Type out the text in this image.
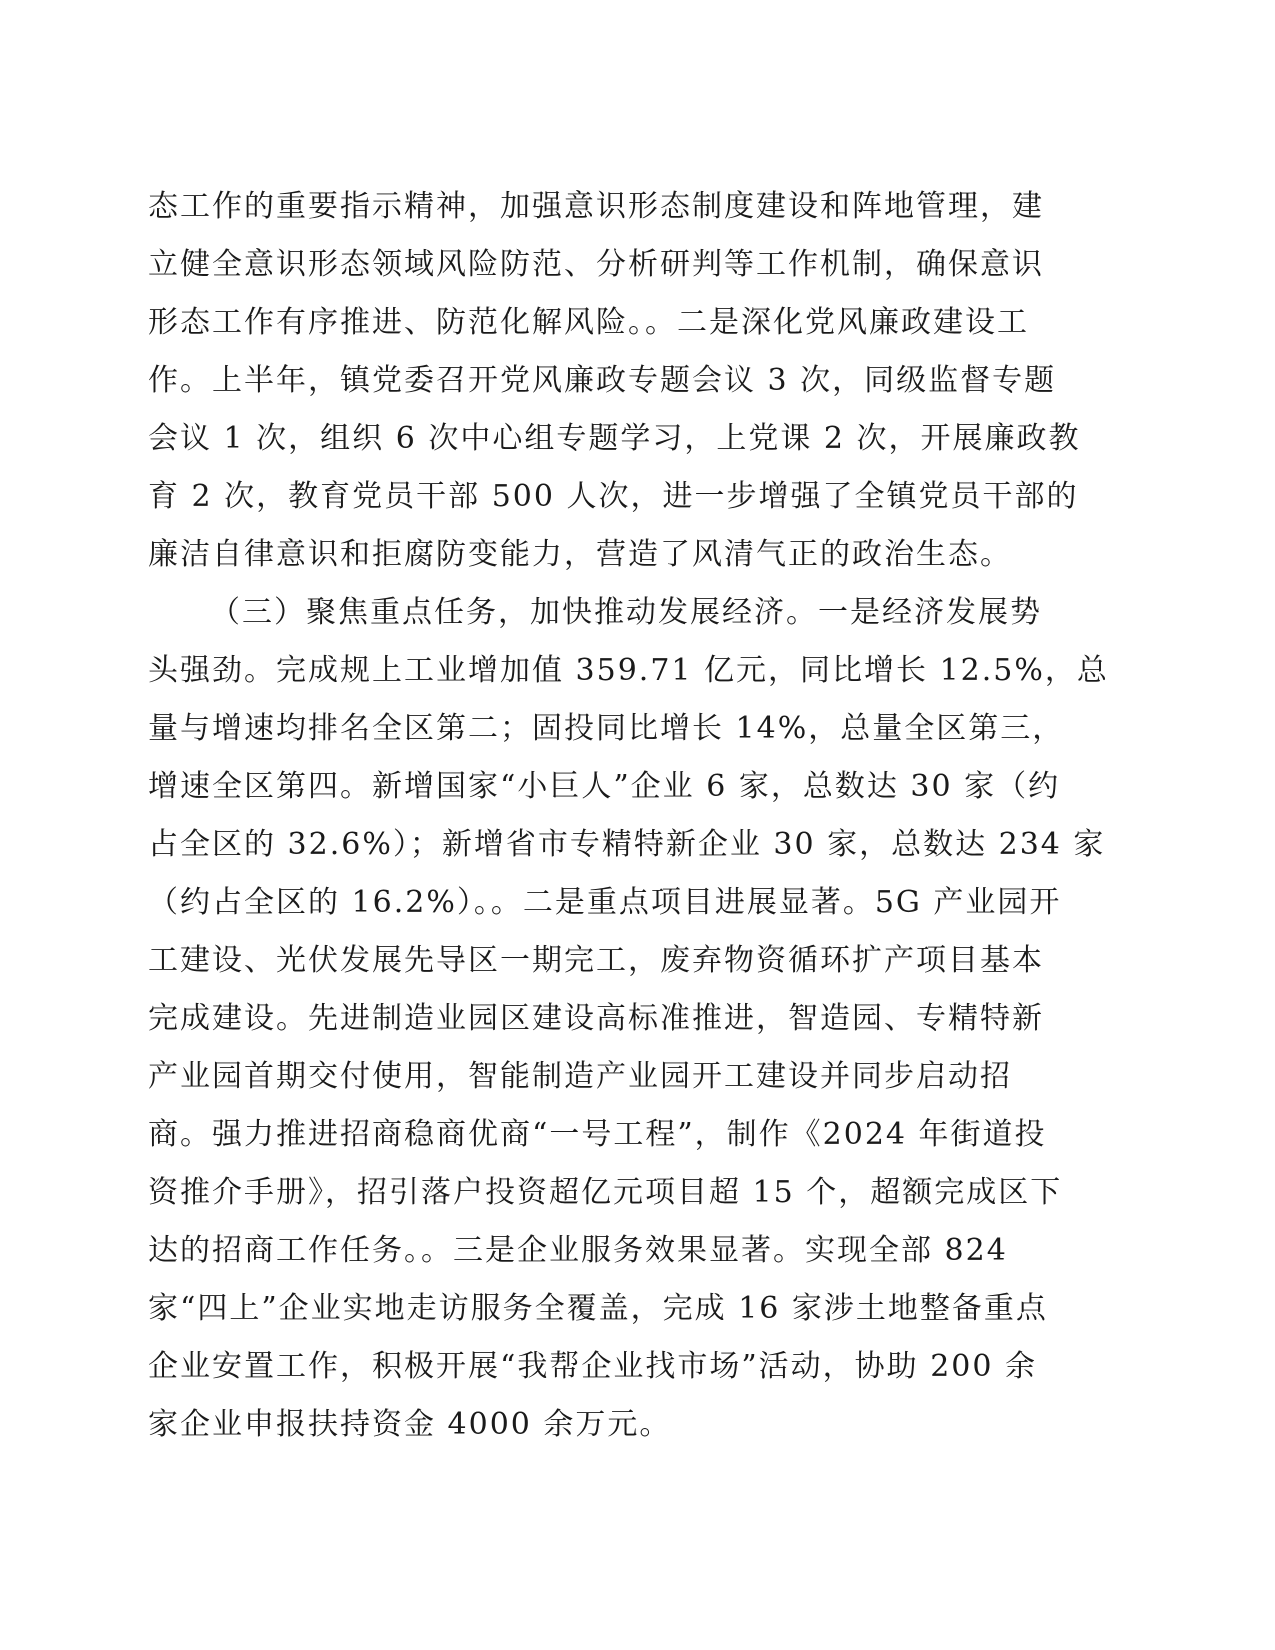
态工作的重要指示精神，加强意识形态制度建设和阵地管理，建
立健全意识形态领域风险防范、分析研判等工作机制，确保意识
形态工作有序推进、防范化解风险。。二是深化党风廉政建设工
作。上半年，镇党委召开党风廉政专题会议 3 次，同级监督专题
会议 1 次，组织 6 次中心组专题学习，上党课 2 次，开展廉政教
育 2 次，教育党员干部 500 人次，进一步增强了全镇党员干部的
廉洁自律意识和拒腐防变能力，营造了风清气正的政治生态。
（三）聚焦重点任务，加快推动发展经济。一是经济发展势
头强劲。完成规上工业增加值 359.71 亿元，同比增长 12.5%，总
量与增速均排名全区第二；固投同比增长 14%，总量全区第三，
增速全区第四。新增国家“小巨人”企业 6 家，总数达 30 家（约
占全区的 32.6%）；新增省市专精特新企业 30 家，总数达 234 家
（约占全区的 16.2%）。。二是重点项目进展显著。5G 产业园开
工建设、光伏发展先导区一期完工，废弃物资循环扩产项目基本
完成建设。先进制造业园区建设高标准推进，智造园、专精特新
产业园首期交付使用，智能制造产业园开工建设并同步启动招
商。强力推进招商稳商优商“一号工程”，制作《2024 年街道投
资推介手册》，招引落户投资超亿元项目超 15 个，超额完成区下
达的招商工作任务。。三是企业服务效果显著。实现全部 824
家“四上”企业实地走访服务全覆盖，完成 16 家涉土地整备重点
企业安置工作，积极开展“我帮企业找市场”活动，协助 200 余
家企业申报扶持资金 4000 余万元。
